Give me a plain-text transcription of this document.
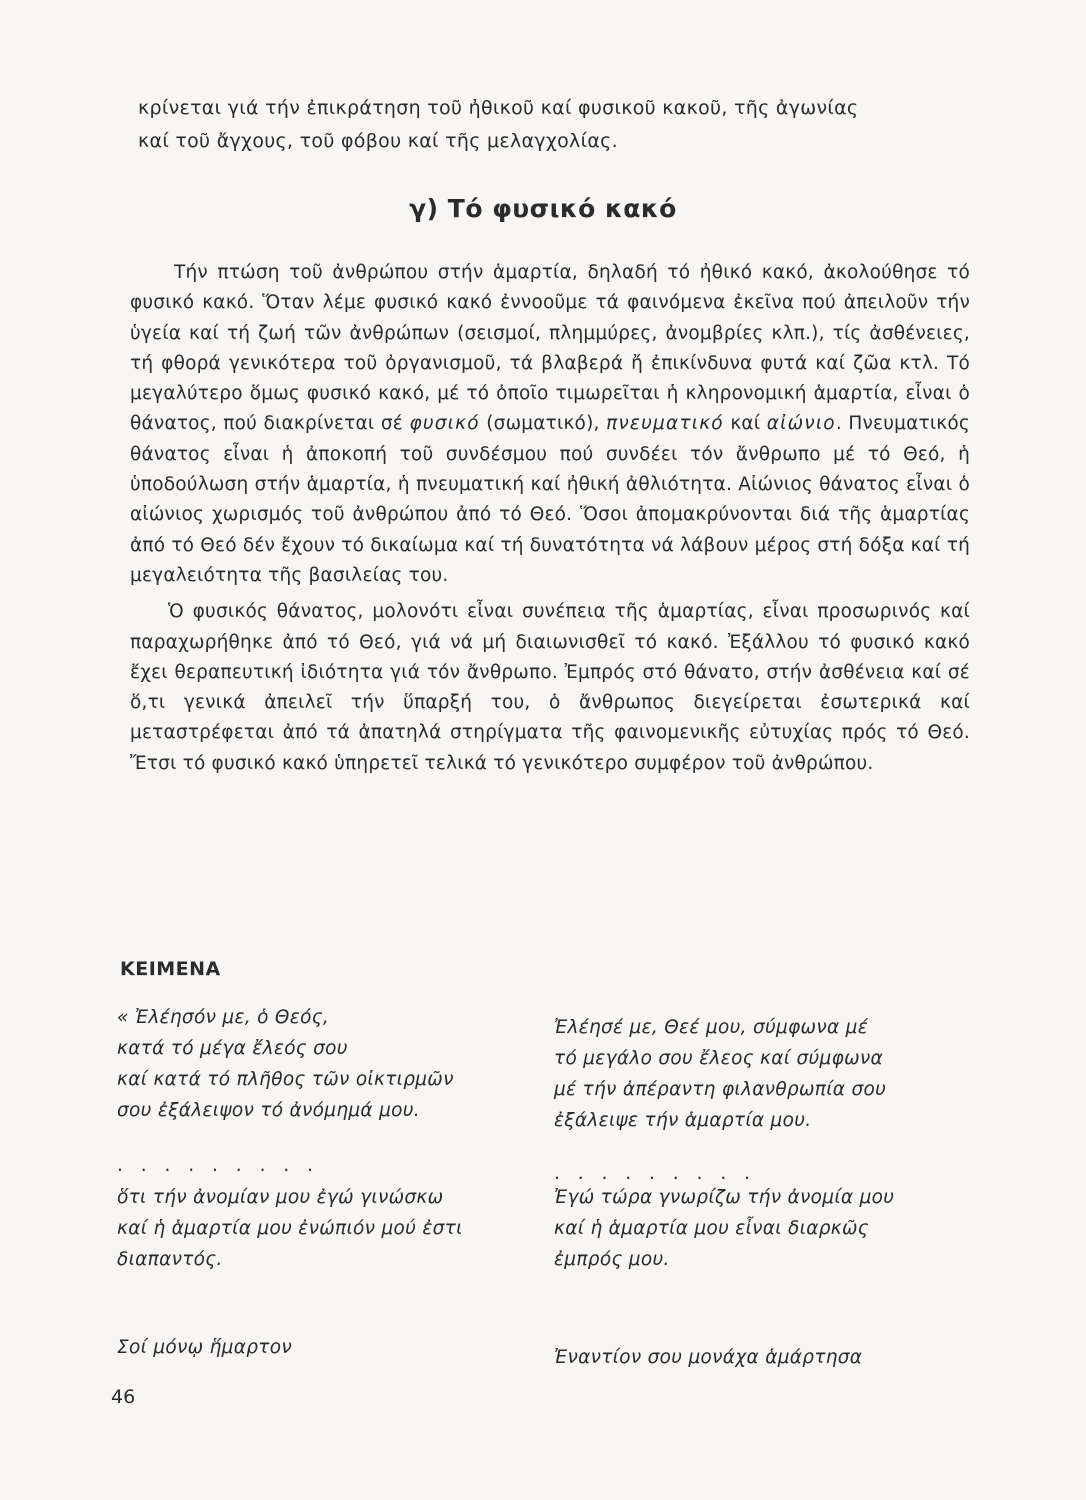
κρίνεται γιά τήν ἐπικράτηση τοῦ ἠθικοῦ καί φυσικοῦ κακοῦ, τῆς ἀγωνίας
καί τοῦ ἄγχους, τοῦ φόβου καί τῆς μελαγχολίας.
γ) Τό φυσικό κακό

Τήν πτώση τοῦ ἀνθρώπου στήν ἁμαρτία, δηλαδή τό ἠθικό κακό, ἀκολούθησε τό φυσικό κακό. Ὅταν λέμε φυσικό κακό ἐννοοῦμε τά φαινόμενα ἐκεῖνα πού ἀπειλοῦν τήν ὑγεία καί τή ζωή τῶν ἀνθρώπων (σεισμοί, πλημμύρες, ἀνομβρίες κλπ.), τίς ἀσθένειες, τή φθορά γενικότερα τοῦ ὀργανισμοῦ, τά βλαβερά ἤ ἐπικίνδυνα φυτά καί ζῶα κτλ. Τό μεγαλύτερο ὅμως φυσικό κακό, μέ τό ὁποῖο τιμωρεῖται ἡ κληρονομική ἁμαρτία, εἶναι ὁ θάνατος, πού διακρίνεται σέ φυσικό (σωματικό), πνευματικό καί αἰώνιο. Πνευματικός θάνατος εἶναι ἡ ἀποκοπή τοῦ συνδέσμου πού συνδέει τόν ἄνθρωπο μέ τό Θεό, ἡ ὑποδούλωση στήν ἁμαρτία, ἡ πνευματική καί ἠθική ἀθλιότητα. Αἰώνιος θάνατος εἶναι ὁ αἰώνιος χωρισμός τοῦ ἀνθρώπου ἀπό τό Θεό. Ὅσοι ἀπομακρύνονται διά τῆς ἁμαρτίας ἀπό τό Θεό δέν ἔχουν τό δικαίωμα καί τή δυνατότητα νά λάβουν μέρος στή δόξα καί τή μεγαλειότητα τῆς βασιλείας του.

Ὁ φυσικός θάνατος, μολονότι εἶναι συνέπεια τῆς ἁμαρτίας, εἶναι προσωρινός καί παραχωρήθηκε ἀπό τό Θεό, γιά νά μή διαιωνισθεῖ τό κακό. Ἐξάλλου τό φυσικό κακό ἔχει θεραπευτική ἰδιότητα γιά τόν ἄνθρωπο. Ἐμπρός στό θάνατο, στήν ἀσθένεια καί σέ ὅ,τι γενικά ἀπειλεῖ τήν ὕπαρξή του, ὁ ἄνθρωπος διεγείρεται ἐσωτερικά καί μεταστρέφεται ἀπό τά ἀπατηλά στηρίγματα τῆς φαινομενικῆς εὐτυχίας πρός τό Θεό. Ἔτσι τό φυσικό κακό ὑπηρετεῖ τελικά τό γενικότερο συμφέρον τοῦ ἀνθρώπου.

ΚΕΙΜΕΝΑ
« Ἐλέησόν με, ὁ Θεός,
κατά τό μέγα ἔλεός σου
καί κατά τό πλῆθος τῶν οἰκτιρμῶν
σου ἐξάλειψον τό ἀνόμημά μου.
. . . . . . . . .
ὅτι τήν ἀνομίαν μου ἐγώ γινώσκω
καί ἡ ἁμαρτία μου ἐνώπιόν μού ἐστι
διαπαντός.
Σοί μόνῳ ἥμαρτον
Ἐλέησέ με, Θεέ μου, σύμφωνα μέ
τό μεγάλο σου ἔλεος καί σύμφωνα
μέ τήν ἀπέραντη φιλανθρωπία σου
ἐξάλειψε τήν ἁμαρτία μου.
. . . . . . . . .
Ἐγώ τώρα γνωρίζω τήν ἀνομία μου
καί ἡ ἁμαρτία μου εἶναι διαρκῶς
ἐμπρός μου.
Ἐναντίον σου μονάχα ἁμάρτησα
46
